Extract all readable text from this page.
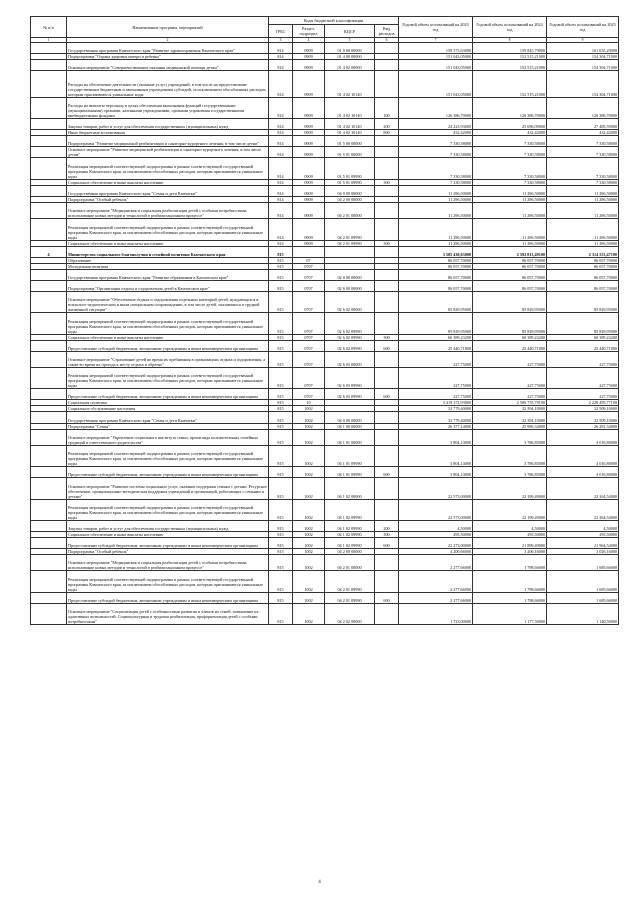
№ п/п	Наименование программ, мероприятий	Коды бюджетной классификации				Годовой объем ассигнований на 2023 год	Годовой объем ассигнований на 2024 год	Годовой объем ассигнований на 2025 год
		ГРБС	Раздел, подраздел	КЦСР	Вид расходов			
1	2	3	4	5	6	7	8	9
	Государственная программа Камчатского края "Развитие здравоохранения Камчатского края"	814	0909	01 0 00 00000		158 373,63000	159 845,79000	161 635,29000
	Подпрограмма "Охрана здоровья матери и ребенка"	814	0909	01 4 00 00000		151 043,05000	152 515,21000	154 304,71000
	Основное мероприятие "Совершенствование оказания медицинской помощи детям"	814	0909	01 4 02 00000		151 043,05000	152 515,21000	154 304,71000
	Расходы на обеспечение деятельности (оказание услуг) учреждений, в том числе на предоставление государственным бюджетным и автономным учреждениям субсидий, за исключением обособленных расходов, которым присваиваются уникальные коды	814	0909	01 4 02 10140		151 043,05000	152 515,21000	154 304,71000
	Расходы на выплаты персоналу в целях обеспечения выполнения функций государственными (муниципальными) органами, казенными учреждениями, органами управления государственными внебюджетными фондами	814	0909	01 4 02 10140	100	126 386,70000	126 386,70000	126 386,70000
	Закупка товаров, работ и услуг для обеспечения государственных (муниципальных) нужд	814	0909	01 4 02 10140	200	24 223,93000	25 696,09000	27 485,59000
	Иные бюджетные ассигнования	814	0909	01 4 02 10140	800	432,42000	432,42000	432,42000
	Подпрограмма "Развитие медицинской реабилитации и санаторно-курортного лечения, в том числе детям"	814	0909	01 5 00 00000		7 330,58000	7 330,58000	7 330,58000
	Основное мероприятие "Развитие медицинской реабилитации и санаторно-курортного лечения, в том числе детям"	814	0909	01 5 01 00000		7 330,58000	7 330,58000	7 330,58000
	Реализация мероприятий соответствующей подпрограммы в рамках соответствующей государственной программы Камчатского края, за исключением обособленных расходов, которым присваиваются уникальные коды	814	0909	01 5 01 09990		7 330,58000	7 330,58000	7 330,58000
	Социальное обеспечение и иные выплаты населению	814	0909	01 5 01 09990	300	7 330,58000	7 330,58000	7 330,58000
	Государственная программа Камчатского края "Семья и дети Камчатки"	814	0909	04 0 00 00000		11 296,50000	11 296,50000	11 296,50000
	Подпрограмма "Особый ребенок"	814	0909	04 2 00 00000		11 296,50000	11 296,50000	11 296,50000
	Основное мероприятие "Медицинская и социальная реабилитация детей с особыми потребностями, использование новых методов и технологий в реабилитационном процессе"	814	0909	04 2 01 00000		11 296,50000	11 296,50000	11 296,50000
	Реализация мероприятий соответствующей подпрограммы в рамках соответствующей государственной программы Камчатского края, за исключением обособленных расходов, которым присваиваются уникальные коды	814	0909	04 2 01 09990		11 296,50000	11 296,50000	11 296,50000
	Социальное обеспечение и иные выплаты населению	814	0909	04 2 01 09990	300	11 296,50000	11 296,50000	11 296,50000
4	Министерство социального благополучия и семейной политики Камчатского края	815				3 505 430,63000	2 592 813,49100	2 314 553,47100
	Образование	815	07			86 057,70000	86 057,70000	86 057,70000
	Молодежная политика	815	0707			86 057,70000	86 057,70000	86 057,70000
	Государственная программа Камчатского края "Развитие образования в Камчатском крае"	815	0707	02 0 00 00000		86 057,70000	86 057,70000	86 057,70000
	Подпрограмма "Организация отдыха и оздоровления детей в Камчатском крае"	815	0707	02 6 00 00000		86 057,70000	86 057,70000	86 057,70000
	Основное мероприятие "Обеспечение отдыха и оздоровления отдельных категорий детей, нуждающихся в психолого-педагогическом и ином специальном сопровождении, в том числе детей, оказавшихся в трудной жизненной ситуации"	815	0707	02 6 02 00000		85 829,95000	85 829,95000	85 829,95000
	Реализация мероприятий соответствующей подпрограммы в рамках соответствующей государственной программы Камчатского края, за исключением обособленных расходов, которым присваиваются уникальные коды	815	0707	02 6 02 09990		85 829,95000	85 829,95000	85 829,95000
	Социальное обеспечение и иные выплаты населению	815	0707	02 6 02 09990	300	60 389,23200	60 389,23200	60 389,23200
	Предоставление субсидий бюджетным, автономным учреждениям и иным некоммерческим организациям	815	0707	02 6 02 09990	600	25 440,71800	25 440,71800	25 440,71800
	Основное мероприятие "Страхование детей во время их пребывания в организациях отдыха и оздоровления, а также во время их проезда к месту отдыха и обратно"	815	0707	02 6 03 00000		227,75000	227,75000	227,75000
	Реализация мероприятий соответствующей подпрограммы в рамках соответствующей государственной программы Камчатского края, за исключением обособленных расходов, которым присваиваются уникальные коды	815	0707	02 6 03 09990		227,75000	227,75000	227,75000
	Предоставление субсидий бюджетным, автономным учреждениям и иным некоммерческим организациям	815	0707	02 6 03 09990	600	227,75000	227,75000	227,75000
	Социальная политика	815	10			3 419 372,93000	2 506 755,79100	2 228 495,77100
	Социальное обслуживание населения	815	1002			33 779,40000	32 394,10000	32 509,10000
	Государственная программа Камчатского края "Семья и дети Камчатки"	815	1002	04 0 00 00000		33 779,40000	32 394,10000	32 509,10000
	Подпрограмма "Семья"	815	1002	04 1 00 00000		26 377,14000	25 986,34000	26 281,34000
	Основное мероприятие "Укрепление социального института семьи, пропаганда положительных семейных традиций и ответственного родительства"	815	1002	04 1 01 00000		3 804,14000	3 786,85000	4 016,80000
	Реализация мероприятий соответствующей подпрограммы в рамках соответствующей государственной программы Камчатского края, за исключением обособленных расходов, которым присваиваются уникальные коды	815	1002	04 1 01 09990		3 804,14000	3 786,85000	4 016,80000
	Предоставление субсидий бюджетным, автономным учреждениям и иным некоммерческим организациям	815	1002	04 1 01 09990	600	3 804,14000	3 786,85000	4 016,80000
	Основное мероприятие "Развитие системы социальных услуг, оказание поддержки семьям с детьми. Ресурсное обеспечение, организационно-методическая поддержка учреждений и организаций, работающих с семьями и детьми"	815	1002	04 1 02 00000		22 573,00000	22 199,49000	22 264,54000
	Реализация мероприятий соответствующей подпрограммы в рамках соответствующей государственной программы Камчатского края, за исключением обособленных расходов, которым присваиваются уникальные коды	815	1002	04 1 02 09990		22 573,00000	22 199,49000	22 264,54000
	Закупка товаров, работ и услуг для обеспечения государственных (муниципальных) нужд	815	1002	04 1 02 09990	200	4,50000	4,50000	4,50000
	Социальное обеспечение и иные выплаты населению	815	1002	04 1 02 09990	300	295,50000	295,50000	295,50000
	Предоставление субсидий бюджетным, автономным учреждениям и иным некоммерческим организациям	815	1002	04 1 02 09990	600	22 273,00000	21 899,49000	21 964,54000
	Подпрограмма "Особый ребенок"	815	1002	04 2 00 00000		4 200,66000	3 206,16000	3 026,16000
	Основное мероприятие "Медицинская и социальная реабилитация детей с особыми потребностями, использование новых методов и технологий в реабилитационном процессе"	815	1002	04 2 01 00000		2 277,66000	1 798,66000	1 685,66000
	Реализация мероприятий соответствующей подпрограммы в рамках соответствующей государственной программы Камчатского края, за исключением обособленных расходов, которым присваиваются уникальные коды	815	1002	04 2 01 09990		2 277,66000	1 798,66000	1 685,66000
	Предоставление субсидий бюджетным, автономным учреждениям и иным некоммерческим организациям	815	1002	04 2 01 09990	600	2 277,66000	1 798,66000	1 685,66000
	Основное мероприятие "Социализация детей с особенностями развития и членов их семей, повышение их адаптивных возможностей. Социокультурная и трудовая реабилитация, профориентация детей с особыми потребностями"	815	1002	04 2 02 00000		1 723,00000	1 177,50000	1 140,50000
4
